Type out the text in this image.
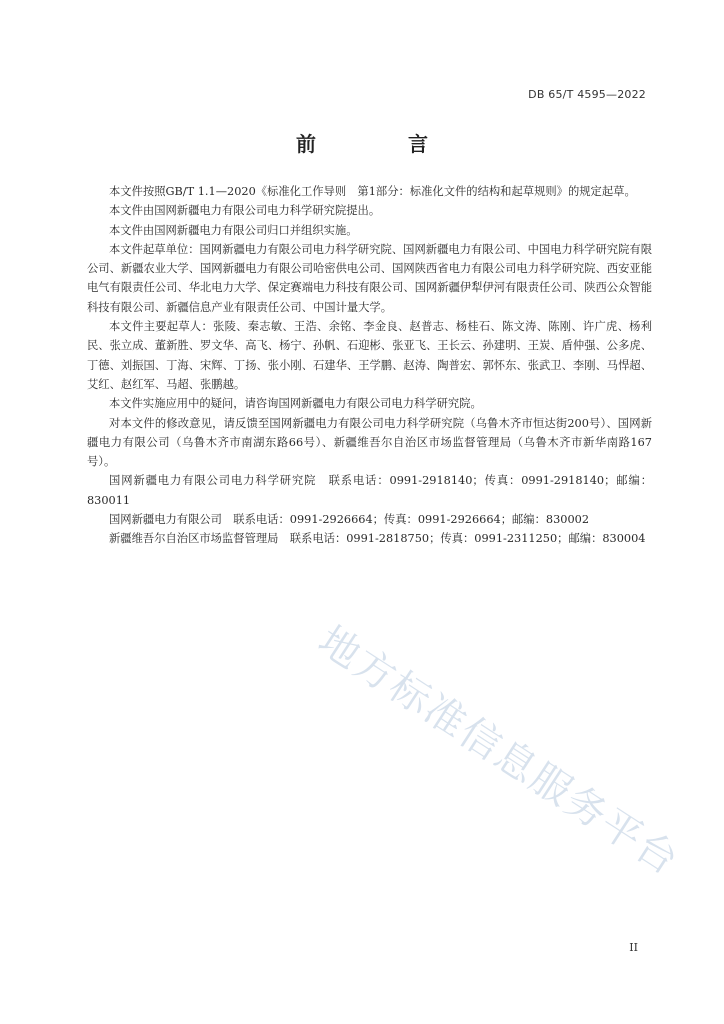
DB 65/T 4595—2022
前　言

本文件按照GB/T 1.1—2020《标准化工作导则　第1部分：标准化文件的结构和起草规则》的规定起草。

本文件由国网新疆电力有限公司电力科学研究院提出。

本文件由国网新疆电力有限公司归口并组织实施。

本文件起草单位：国网新疆电力有限公司电力科学研究院、国网新疆电力有限公司、中国电力科学研究院有限公司、新疆农业大学、国网新疆电力有限公司哈密供电公司、国网陕西省电力有限公司电力科学研究院、西安亚能电气有限责任公司、华北电力大学、保定赛端电力科技有限公司、国网新疆伊犁伊河有限责任公司、陕西公众智能科技有限公司、新疆信息产业有限责任公司、中国计量大学。

本文件主要起草人：张陵、秦志敏、王浩、余铭、李金良、赵普志、杨桂石、陈文涛、陈刚、许广虎、杨利民、张立成、董新胜、罗文华、高飞、杨宁、孙帆、石迎彬、张亚飞、王长云、孙建明、王炭、盾仲强、公多虎、丁德、刘振国、丁海、宋辉、丁扬、张小刚、石建华、王学鹏、赵涛、陶普宏、郭怀东、张武卫、李刚、马悍超、艾红、赵红军、马超、张鹏越。

本文件实施应用中的疑问，请咨询国网新疆电力有限公司电力科学研究院。

对本文件的修改意见，请反馈至国网新疆电力有限公司电力科学研究院（乌鲁木齐市恒达街200号）、国网新疆电力有限公司（乌鲁木齐市南湖东路66号）、新疆维吾尔自治区市场监督管理局（乌鲁木齐市新华南路167号）。

国网新疆电力有限公司电力科学研究院　联系电话：0991-2918140；传真：0991-2918140；邮编：830011

国网新疆电力有限公司　联系电话：0991-2926664；传真：0991-2926664；邮编：830002

新疆维吾尔自治区市场监督管理局　联系电话：0991-2818750；传真：0991-2311250；邮编：830004

地方标准信息服务平台
II
